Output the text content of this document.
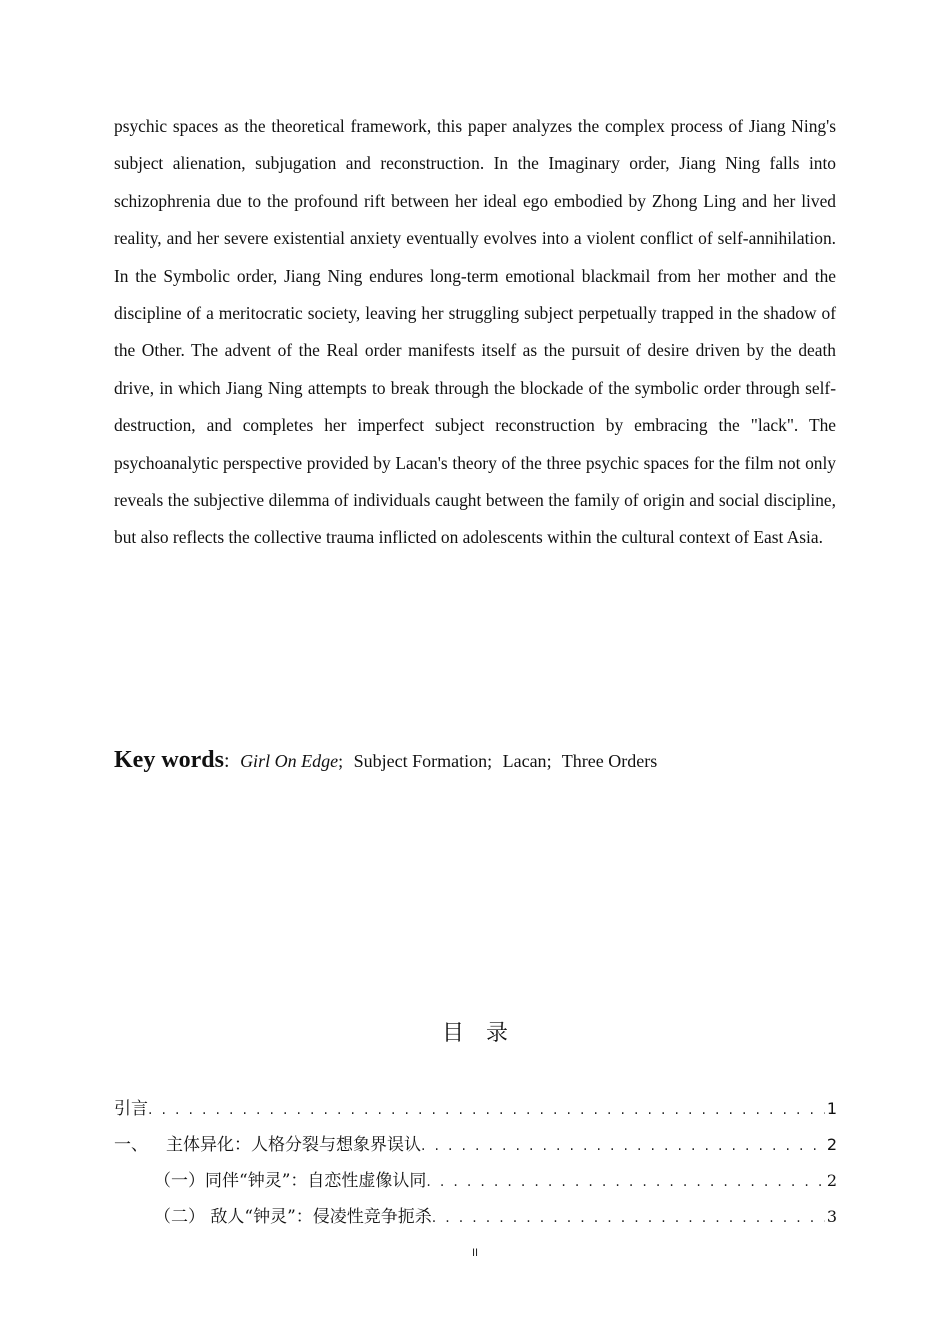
psychic spaces as the theoretical framework, this paper analyzes the complex process of Jiang Ning's subject alienation, subjugation and reconstruction. In the Imaginary order, Jiang Ning falls into schizophrenia due to the profound rift between her ideal ego embodied by Zhong Ling and her lived reality, and her severe existential anxiety eventually evolves into a violent conflict of self-annihilation. In the Symbolic order, Jiang Ning endures long-term emotional blackmail from her mother and the discipline of a meritocratic society, leaving her struggling subject perpetually trapped in the shadow of the Other. The advent of the Real order manifests itself as the pursuit of desire driven by the death drive, in which Jiang Ning attempts to break through the blockade of the symbolic order through self-destruction, and completes her imperfect subject reconstruction by embracing the "lack". The psychoanalytic perspective provided by Lacan's theory of the three psychic spaces for the film not only reveals the subjective dilemma of individuals caught between the family of origin and social discipline, but also reflects the collective trauma inflicted on adolescents within the cultural context of East Asia.

Key words: Girl On Edge; Subject Formation; Lacan; Three Orders
目录
引言 . . .	1
一、 主体异化：人格分裂与想象界误认 . . .	2
（一）同伴“钟灵”：自恋性虚像认同 . . .	2
（二） 敌人“钟灵”：侵凌性竞争扼杀 . . .	3
II
